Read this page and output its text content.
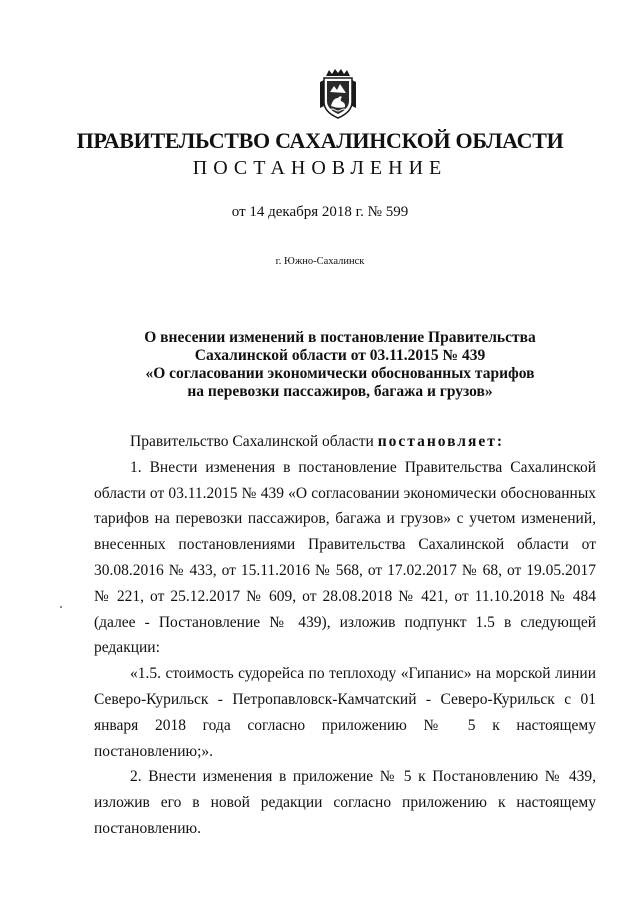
ПРАВИТЕЛЬСТВО САХАЛИНСКОЙ ОБЛАСТИ
ПОСТАНОВЛЕНИЕ
от 14 декабря 2018 г. № 599
г. Южно-Сахалинск
О внесении изменений в постановление Правительства
Сахалинской области от 03.11.2015 № 439
«О согласовании экономически обоснованных тарифов
на перевозки пассажиров, багажа и грузов»

Правительство Сахалинской области постановляет:

1. Внести изменения в постановление Правительства Сахалинской области от 03.11.2015 № 439 «О согласовании экономически обоснованных тарифов на перевозки пассажиров, багажа и грузов» с учетом изменений, внесенных постановлениями Правительства Сахалинской области от 30.08.2016 № 433, от 15.11.2016 № 568, от 17.02.2017 № 68, от 19.05.2017 № 221, от 25.12.2017 № 609, от 28.08.2018 № 421, от 11.10.2018 № 484 (далее - Постановление № 439), изложив подпункт 1.5 в следующей редакции:

«1.5. стоимость судорейса по теплоходу «Гипанис» на морской линии Северо-Курильск - Петропавловск-Камчатский - Северо-Курильск с 01 января 2018 года согласно приложению № 5 к настоящему постановлению;».

2. Внести изменения в приложение № 5 к Постановлению № 439, изложив его в новой редакции согласно приложению к настоящему постановлению.
